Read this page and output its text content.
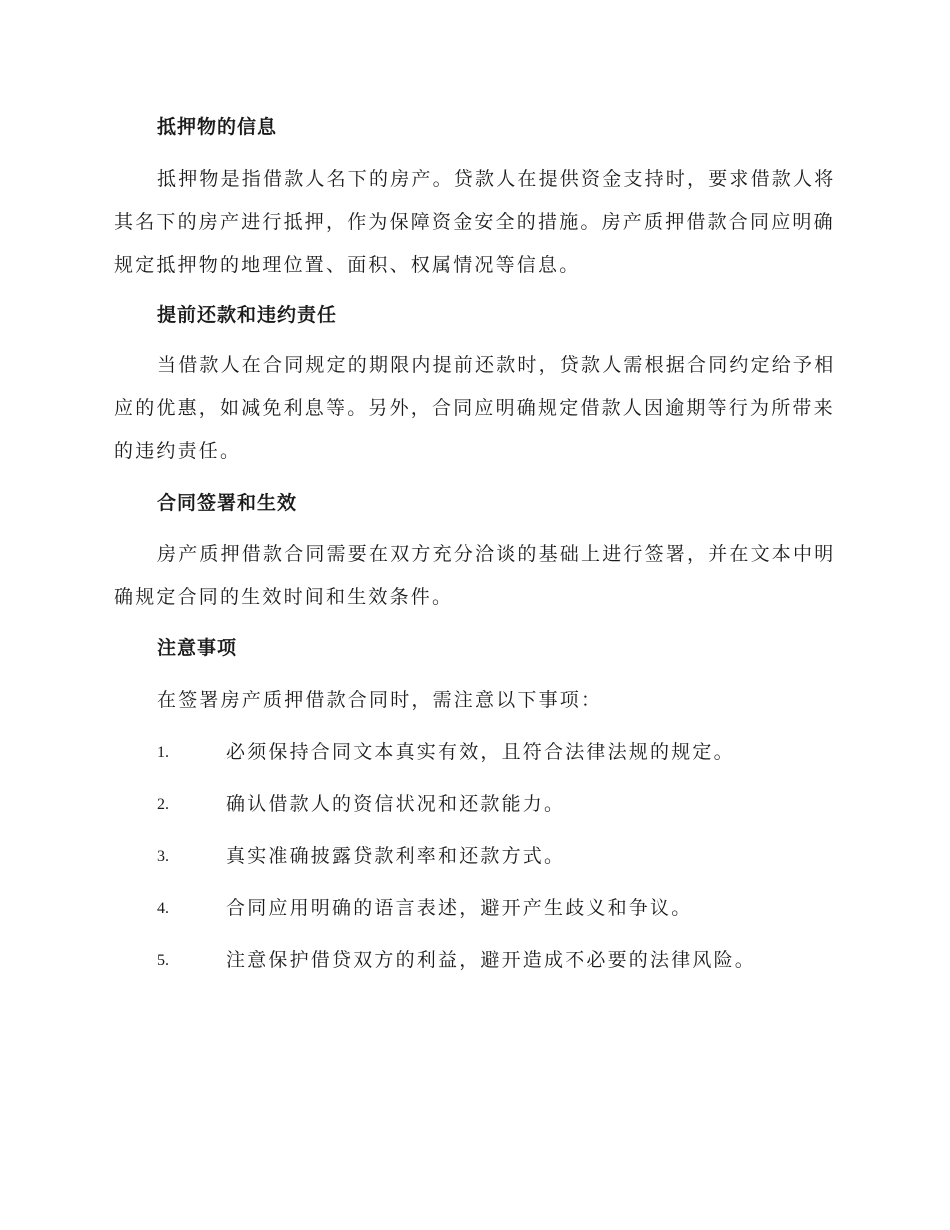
抵押物的信息

抵押物是指借款人名下的房产。贷款人在提供资金支持时，要求借款人将其名下的房产进行抵押，作为保障资金安全的措施。房产质押借款合同应明确规定抵押物的地理位置、面积、权属情况等信息。

提前还款和违约责任

当借款人在合同规定的期限内提前还款时，贷款人需根据合同约定给予相应的优惠，如减免利息等。另外，合同应明确规定借款人因逾期等行为所带来的违约责任。

合同签署和生效

房产质押借款合同需要在双方充分洽谈的基础上进行签署，并在文本中明确规定合同的生效时间和生效条件。

注意事项
在签署房产质押借款合同时，需注意以下事项：
1.	必须保持合同文本真实有效，且符合法律法规的规定。
2.	确认借款人的资信状况和还款能力。
3.	真实准确披露贷款利率和还款方式。
4.	合同应用明确的语言表述，避开产生歧义和争议。
5.	注意保护借贷双方的利益，避开造成不必要的法律风险。
